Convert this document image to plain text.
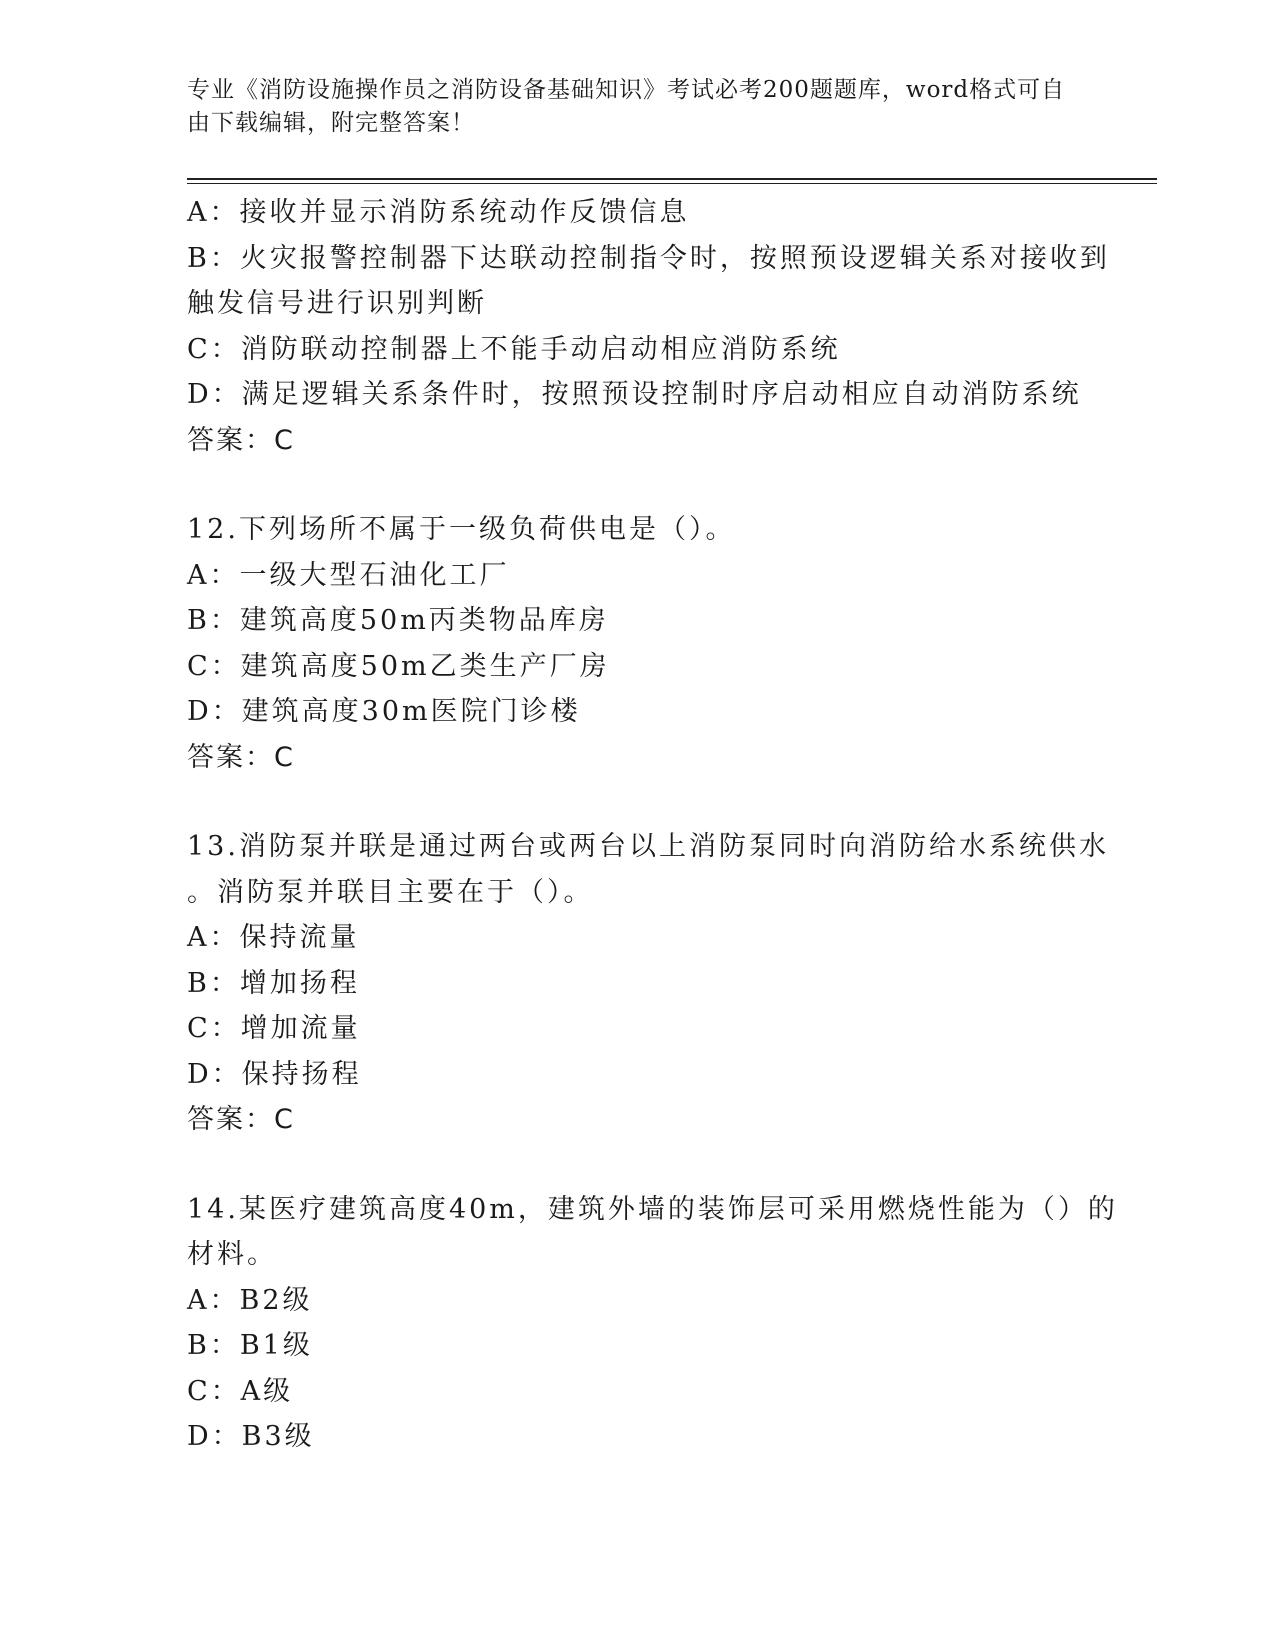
专业《消防设施操作员之消防设备基础知识》考试必考200题题库，word格式可自由下载编辑，附完整答案！
A：接收并显示消防系统动作反馈信息
B：火灾报警控制器下达联动控制指令时，按照预设逻辑关系对接收到
触发信号进行识别判断
C：消防联动控制器上不能手动启动相应消防系统
D：满足逻辑关系条件时，按照预设控制时序启动相应自动消防系统
答案：C
12.下列场所不属于一级负荷供电是（）。
A：一级大型石油化工厂
B：建筑高度50m丙类物品库房
C：建筑高度50m乙类生产厂房
D：建筑高度30m医院门诊楼
答案：C
13.消防泵并联是通过两台或两台以上消防泵同时向消防给水系统供水
。消防泵并联目主要在于（）。
A：保持流量
B：增加扬程
C：增加流量
D：保持扬程
答案：C
14.某医疗建筑高度40m，建筑外墙的装饰层可采用燃烧性能为（）的
材料。
A：B2级
B：B1级
C：A级
D：B3级
